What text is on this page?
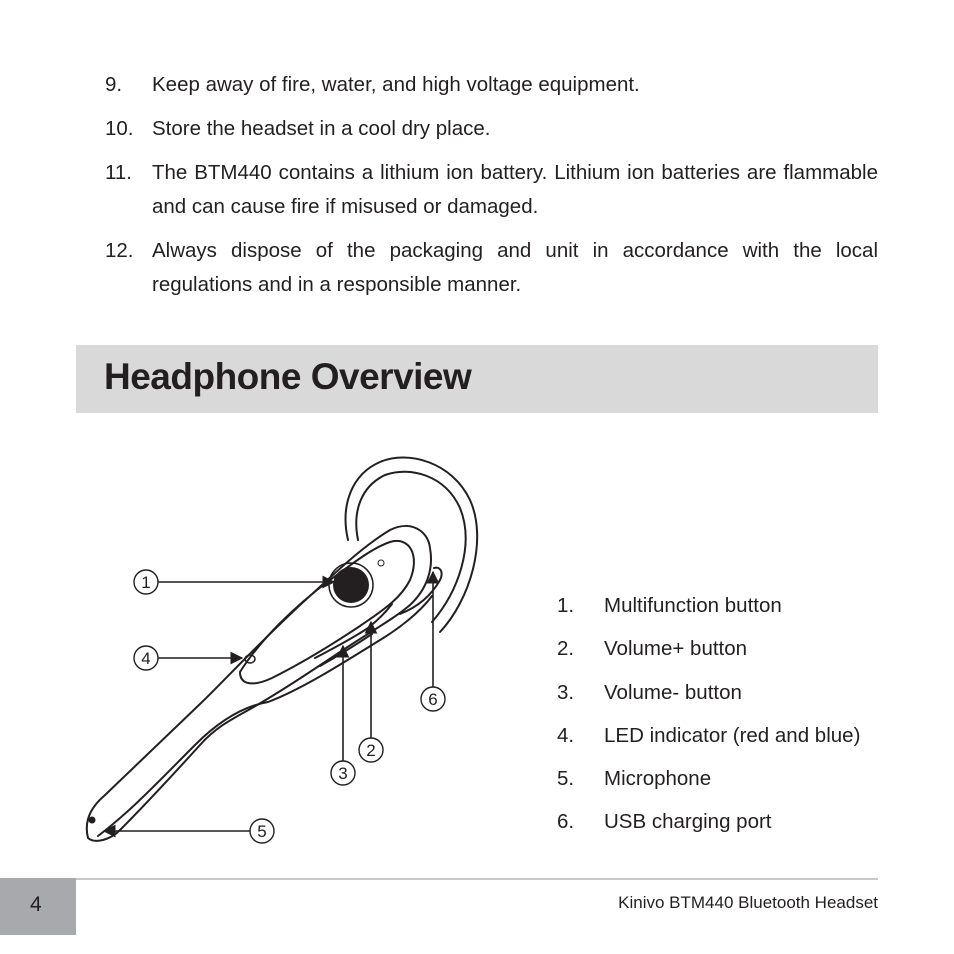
9.	Keep away of fire, water, and high voltage equipment.
10. Store the headset in a cool dry place.
11. The BTM440 contains a lithium ion battery. Lithium ion batteries are flammable and can cause fire if misused or damaged.
12. Always dispose of the packaging and unit in accordance with the local regulations and in a responsible manner.
Headphone Overview
1
4
5
3
2
6
1.	Multifunction button
2.	Volume+ button
3.	Volume- button
4.	LED indicator (red and blue)
5.	Microphone
6.	USB charging port
4	Kinivo BTM440 Bluetooth Headset
